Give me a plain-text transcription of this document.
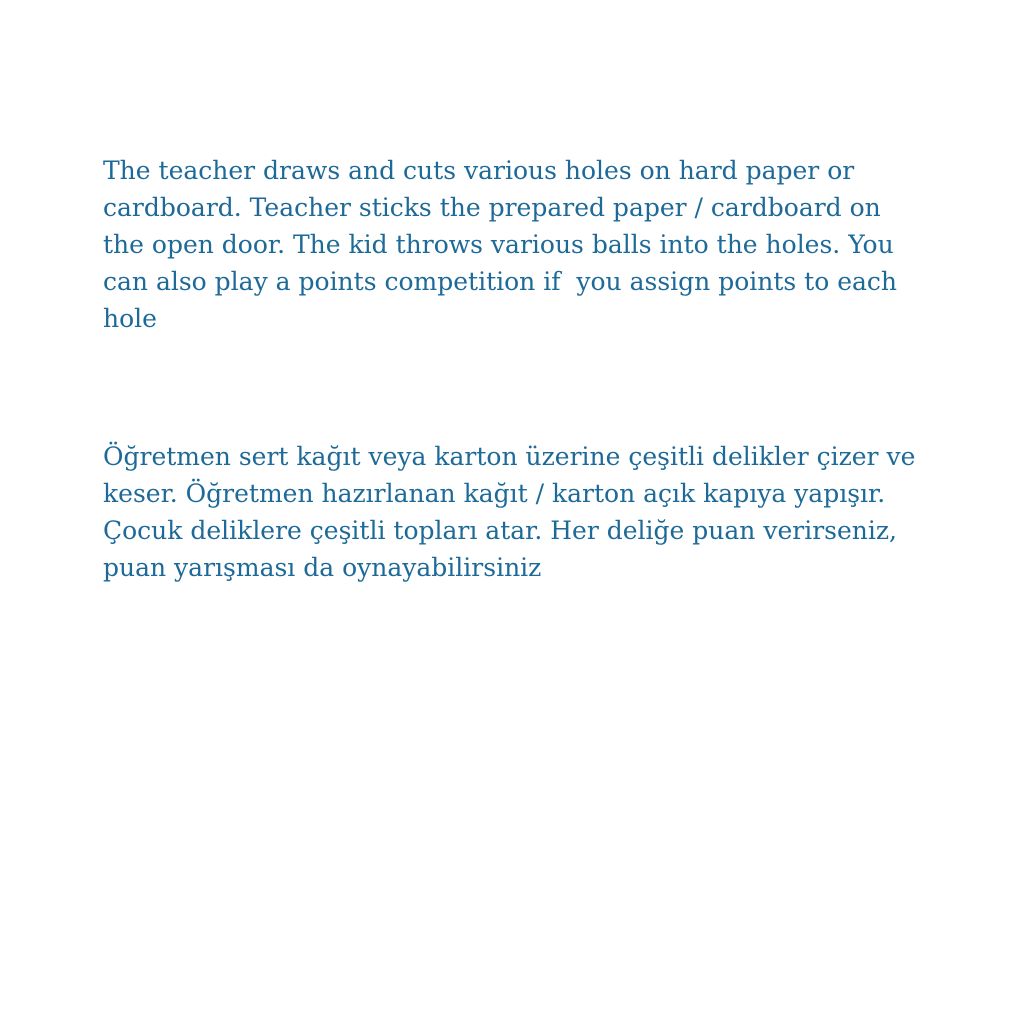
The teacher draws and cuts various holes on hard paper or cardboard. Teacher sticks the prepared paper / cardboard on the open door. The kid throws various balls into the holes. You can also play a points competition if  you assign points to each hole

Öğretmen sert kağıt veya karton üzerine çeşitli delikler çizer ve keser. Öğretmen hazırlanan kağıt / karton açık kapıya yapışır. Çocuk deliklere çeşitli topları atar. Her deliğe puan verirseniz, puan yarışması da oynayabilirsiniz
